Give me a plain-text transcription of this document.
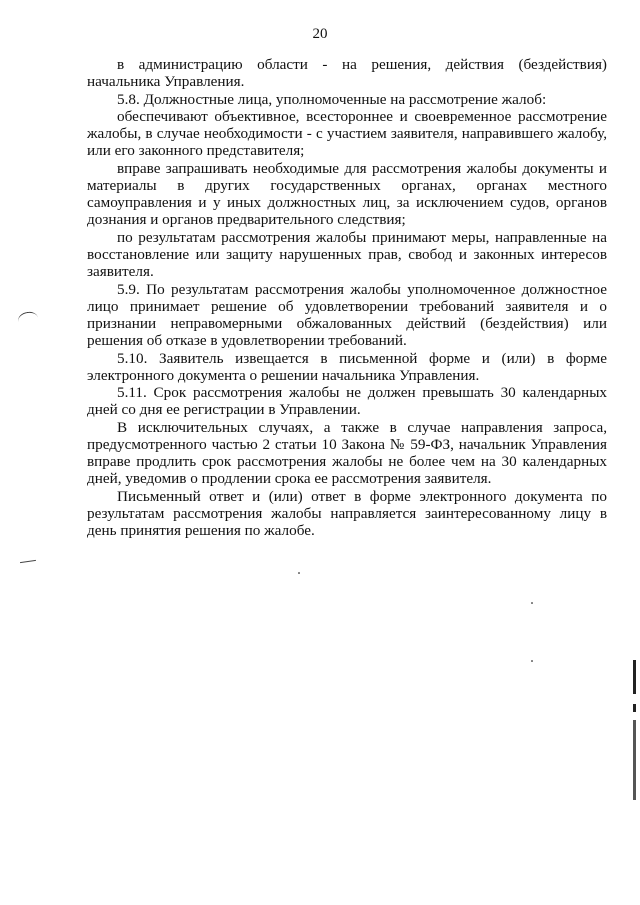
20

в администрацию области - на решения, действия (бездействия) начальника Управления.

5.8. Должностные лица, уполномоченные на рассмотрение жалоб:

обеспечивают объективное, всестороннее и своевременное рассмотрение жалобы, в случае необходимости - с участием заявителя, направившего жалобу, или его законного представителя;

вправе запрашивать необходимые для рассмотрения жалобы документы и материалы в других государственных органах, органах местного самоуправления и у иных должностных лиц, за исключением судов, органов дознания и органов предварительного следствия;

по результатам рассмотрения жалобы принимают меры, направленные на восстановление или защиту нарушенных прав, свобод и законных интересов заявителя.

5.9. По результатам рассмотрения жалобы уполномоченное должностное лицо принимает решение об удовлетворении требований заявителя и о признании неправомерными обжалованных действий (бездействия) или решения об отказе в удовлетворении требований.

5.10. Заявитель извещается в письменной форме и (или) в форме электронного документа о решении начальника Управления.

5.11. Срок рассмотрения жалобы не должен превышать 30 календарных дней со дня ее регистрации в Управлении.

В исключительных случаях, а также в случае направления запроса, предусмотренного частью 2 статьи 10 Закона № 59-ФЗ, начальник Управления вправе продлить срок рассмотрения жалобы не более чем на 30 календарных дней, уведомив о продлении срока ее рассмотрения заявителя.

Письменный ответ и (или) ответ в форме электронного документа по результатам рассмотрения жалобы направляется заинтересованному лицу в день принятия решения по жалобе.
